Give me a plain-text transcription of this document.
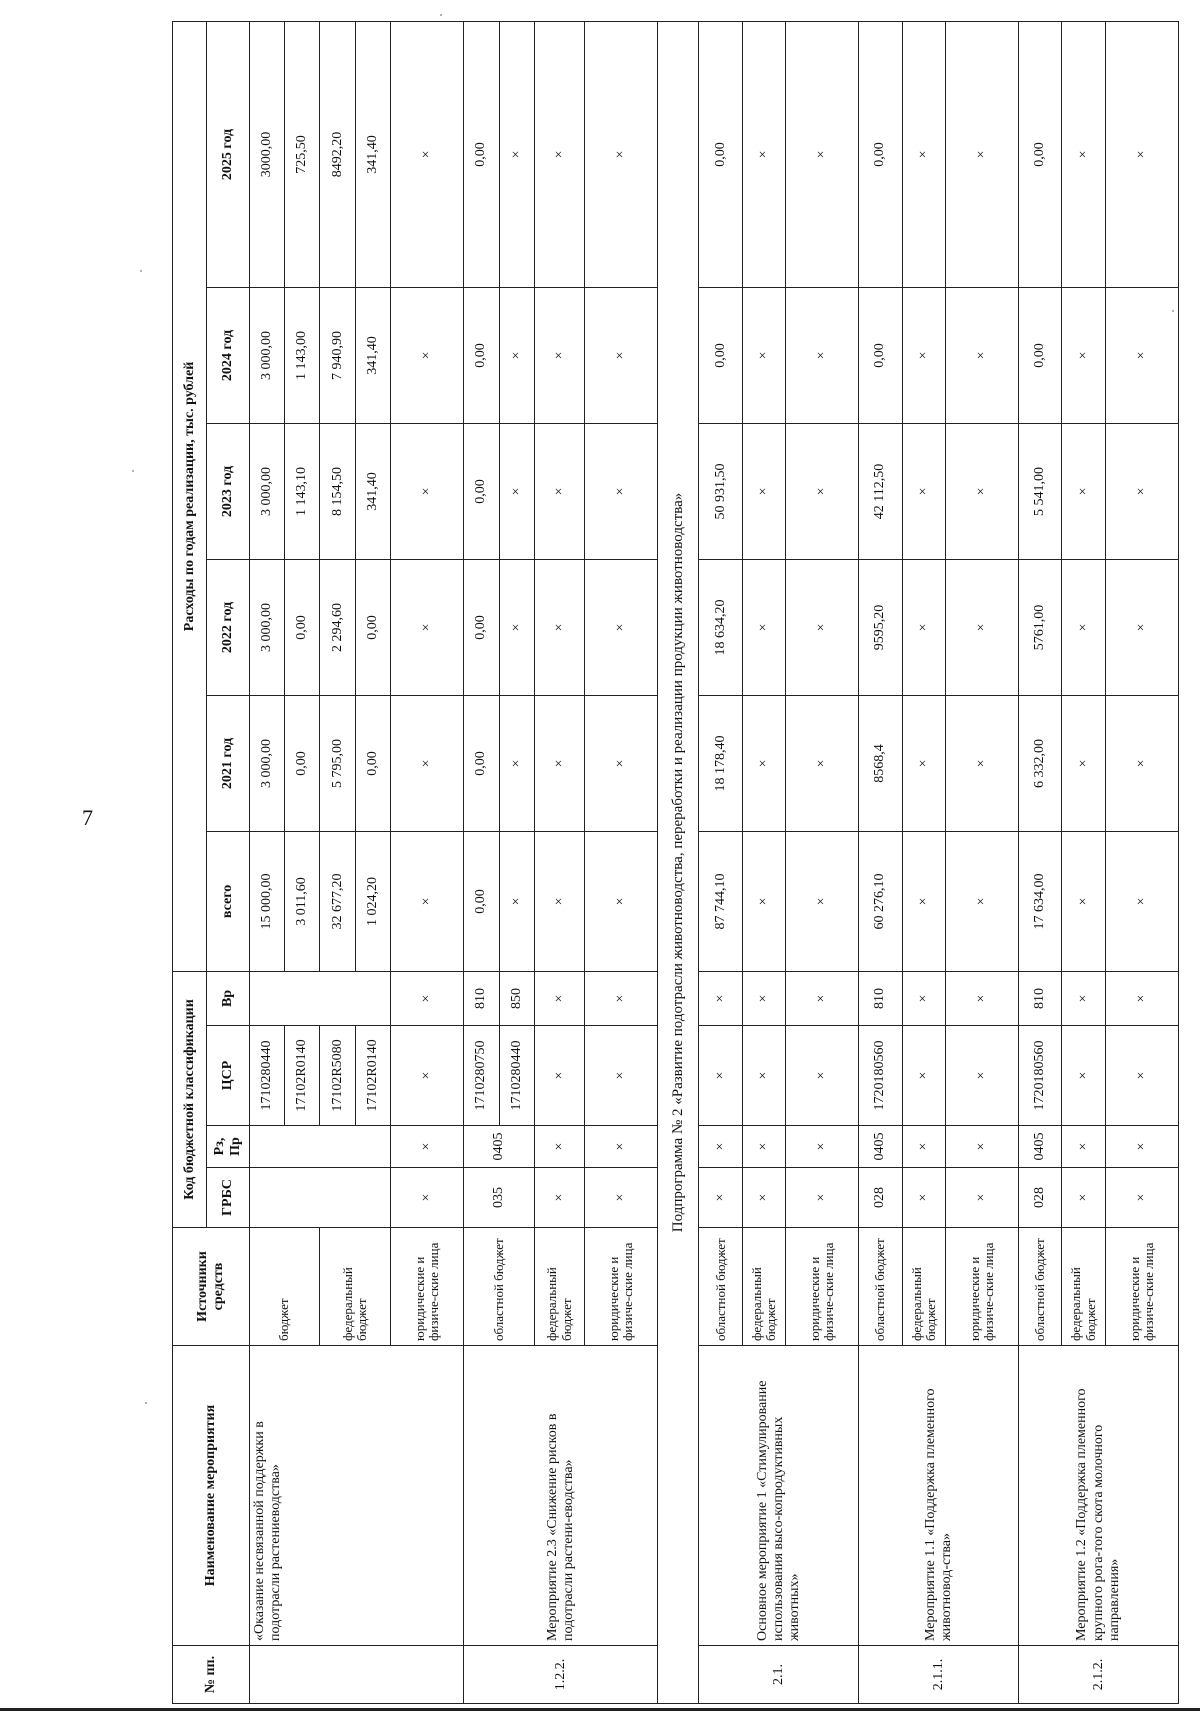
7
№ пп.	Наименование мероприятия	Источники средств	Код бюджетной классификации				Расходы по годам реализации, тыс. рублей					
			ГРБС	Рз, Пр	ЦСР	Вр	всего	2021 год	2022 год	2023 год	2024 год	2025 год
	«Оказание несвязанной поддержки в подотрасли растениеводства»	бюджет			1710280440		15 000,00	3 000,00	3 000,00	3 000,00	3 000,00	3000,00
					17102R0140		3 011,60	0,00	0,00	1 143,10	1 143,00	725,50
		федеральный бюджет			17102R5080		32 677,20	5 795,00	2 294,60	8 154,50	7 940,90	8492,20
					17102R0140		1 024,20	0,00	0,00	341,40	341,40	341,40
		юридические и физиче-ские лица	×	×	×	×	×	×	×	×	×	×
1.2.2.	Мероприятие 2.3 «Снижение рисков в подотрасли растени-еводства»	областной бюджет	035	0405	1710280750	810	0,00	0,00	0,00	0,00	0,00	0,00
					1710280440	850	×	×	×	×	×	×
		федеральный бюджет	×	×	×	×	×	×	×	×	×	×
		юридические и физиче-ские лица	×	×	×	×	×	×	×	×	×	×
Подпрограмма № 2 «Развитие подотрасли животноводства, переработки и реализации продукции животноводства»												
2.1.	Основное мероприятие 1 «Стимулирование использования высо-копродуктивных животных»	областной бюджет	×	×	×	×	87 744,10	18 178,40	18 634,20	50 931,50	0,00	0,00
		федеральный бюджет	×	×	×	×	×	×	×	×	×	×
		юридические и физиче-ские лица	×	×	×	×	×	×	×	×	×	×
2.1.1.	Мероприятие 1.1 «Поддержка племенного животновод-ства»	областной бюджет	028	0405	1720180560	810	60 276,10	8568,4	9595,20	42 112,50	0,00	0,00
		федеральный бюджет	×	×	×	×	×	×	×	×	×	×
		юридические и физиче-ские лица	×	×	×	×	×	×	×	×	×	×
2.1.2.	Мероприятие 1.2 «Поддержка племенного крупного рога-того скота молочного направления»	областной бюджет	028	0405	1720180560	810	17 634,00	6 332,00	5761,00	5 541,00	0,00	0,00
		федеральный бюджет	×	×	×	×	×	×	×	×	×	×
		юридические и физиче-ские лица	×	×	×	×	×	×	×	×	×	×
